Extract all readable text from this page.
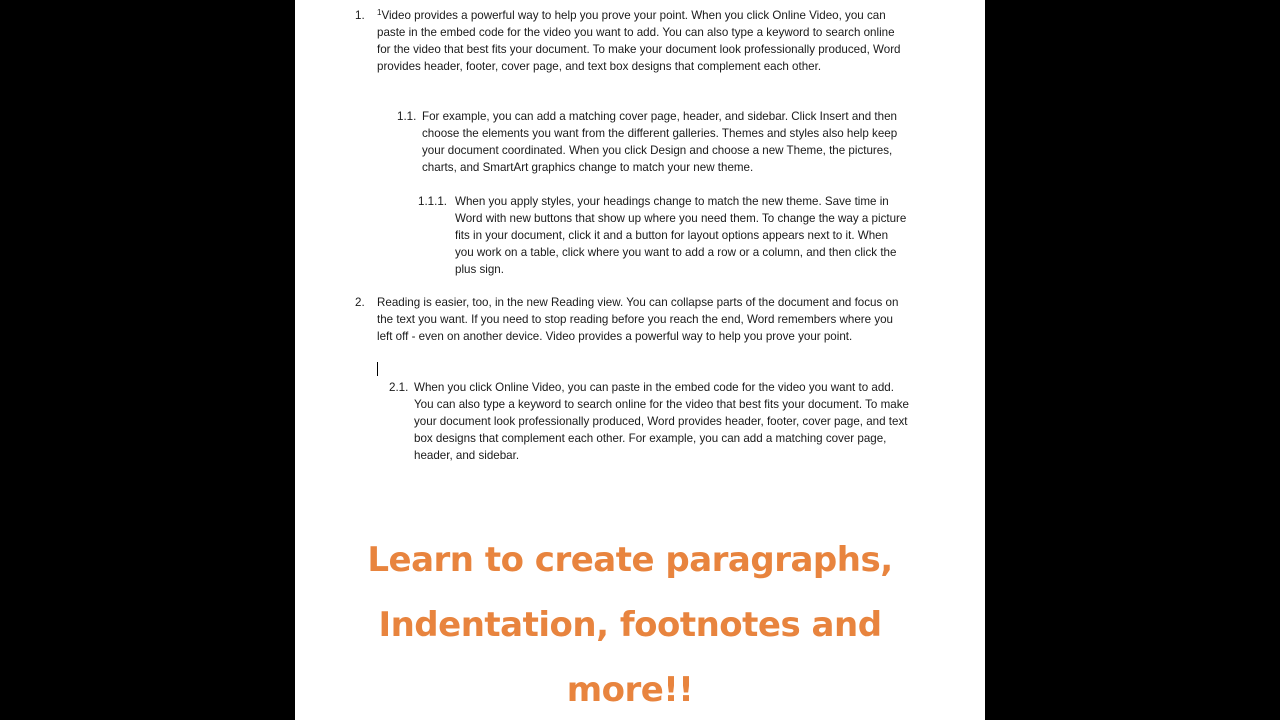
1. $^1$Video provides a powerful way to help you prove your point. When you click Online Video, you can paste in the embed code for the video you want to add. You can also type a keyword to search online for the video that best fits your document. To make your document look professionally produced, Word provides header, footer, cover page, and text box designs that complement each other.

1.1. For example, you can add a matching cover page, header, and sidebar. Click Insert and then choose the elements you want from the different galleries. Themes and styles also help keep your document coordinated. When you click Design and choose a new Theme, the pictures, charts, and SmartArt graphics change to match your new theme.

1.1.1. When you apply styles, your headings change to match the new theme. Save time in Word with new buttons that show up where you need them. To change the way a picture fits in your document, click it and a button for layout options appears next to it. When you work on a table, click where you want to add a row or a column, and then click the plus sign.

2. Reading is easier, too, in the new Reading view. You can collapse parts of the document and focus on the text you want. If you need to stop reading before you reach the end, Word remembers where you left off - even on another device. Video provides a powerful way to help you prove your point.

2.1. When you click Online Video, you can paste in the embed code for the video you want to add. You can also type a keyword to search online for the video that best fits your document. To make your document look professionally produced, Word provides header, footer, cover page, and text box designs that complement each other. For example, you can add a matching cover page, header, and sidebar.

Learn to create paragraphs,
Indentation, footnotes and
more!!
